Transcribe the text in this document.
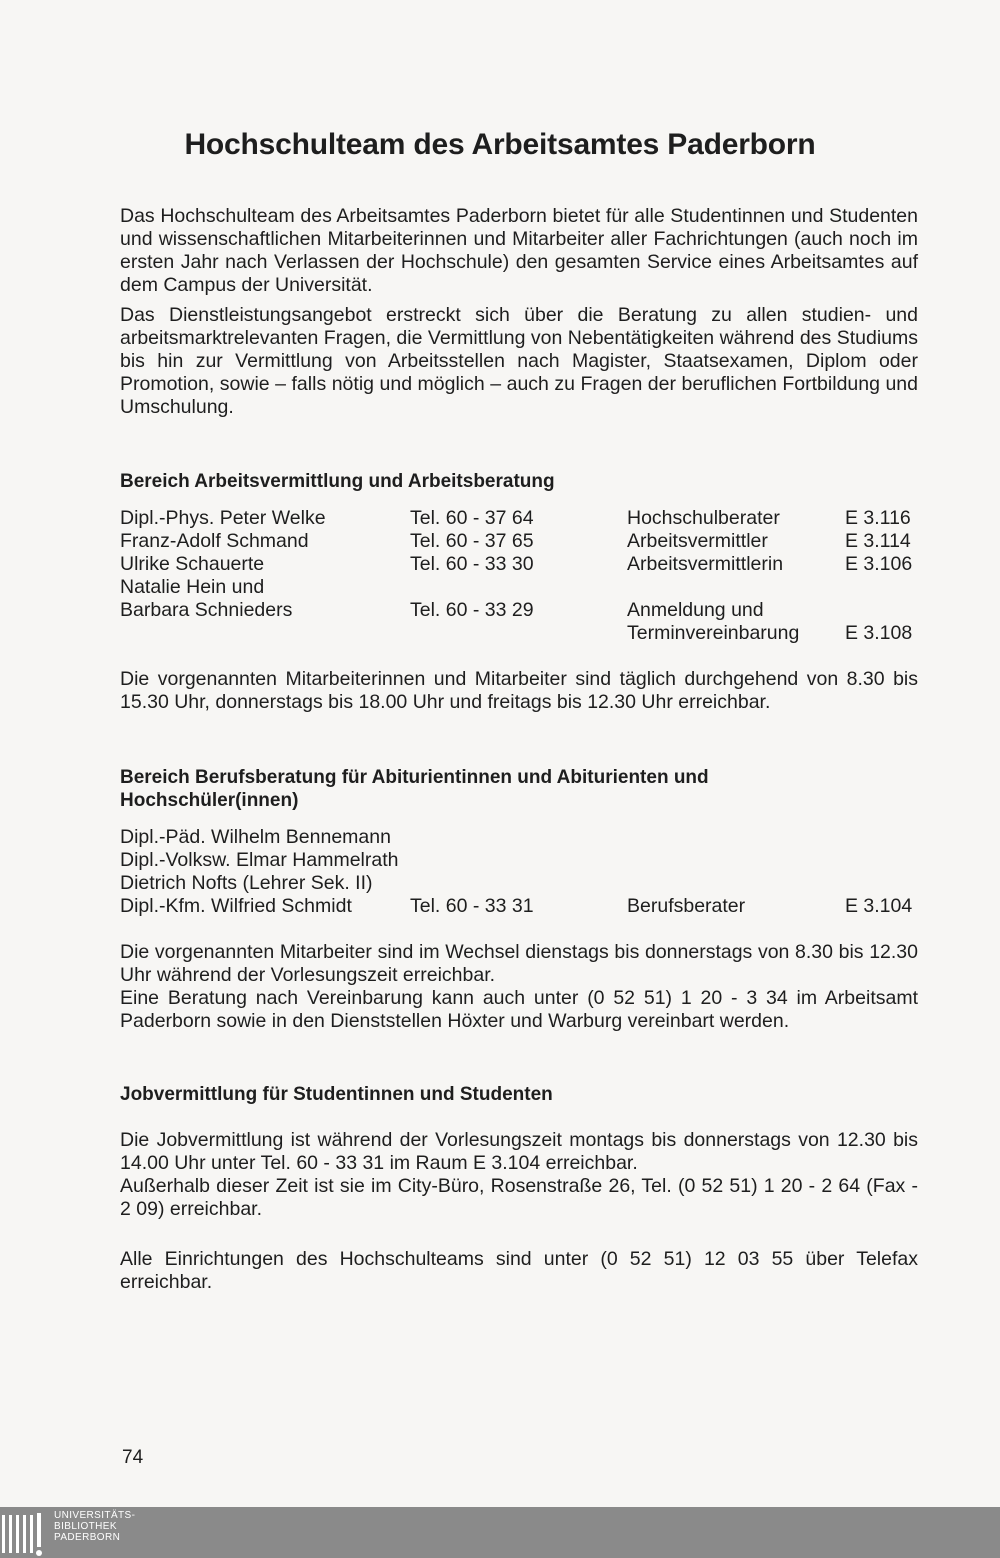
Hochschulteam des Arbeitsamtes Paderborn

Das Hochschulteam des Arbeitsamtes Paderborn bietet für alle Studentinnen und Studenten und wissenschaftlichen Mitarbeiterinnen und Mitarbeiter aller Fachrichtungen (auch noch im ersten Jahr nach Verlassen der Hochschule) den gesamten Service eines Arbeitsamtes auf dem Campus der Universität.

Das Dienstleistungsangebot erstreckt sich über die Beratung zu allen studien- und arbeitsmarktrelevanten Fragen, die Vermittlung von Nebentätigkeiten während des Studiums bis hin zur Vermittlung von Arbeitsstellen nach Magister, Staatsexamen, Diplom oder Promotion, sowie – falls nötig und möglich – auch zu Fragen der beruflichen Fortbildung und Umschulung.

Bereich Arbeitsvermittlung und Arbeitsberatung
Dipl.-Phys. Peter Welke	Tel. 60 - 37 64	Hochschulberater	E 3.116
Franz-Adolf Schmand	Tel. 60 - 37 65	Arbeitsvermittler	E 3.114
Ulrike Schauerte	Tel. 60 - 33 30	Arbeitsvermittlerin	E 3.106
Natalie Hein und
Barbara Schnieders	Tel. 60 - 33 29	Anmeldung und
Terminvereinbarung E 3.108

Die vorgenannten Mitarbeiterinnen und Mitarbeiter sind täglich durchgehend von 8.30 bis 15.30 Uhr, donnerstags bis 18.00 Uhr und freitags bis 12.30 Uhr erreichbar.

Bereich Berufsberatung für Abiturientinnen und Abiturienten und
Hochschüler(innen)
Dipl.-Päd. Wilhelm Bennemann
Dipl.-Volksw. Elmar Hammelrath
Dietrich Nofts (Lehrer Sek. II)
Dipl.-Kfm. Wilfried Schmidt	Tel. 60 - 33 31	Berufsberater	E 3.104

Die vorgenannten Mitarbeiter sind im Wechsel dienstags bis donnerstags von 8.30 bis 12.30 Uhr während der Vorlesungszeit erreichbar.

Eine Beratung nach Vereinbarung kann auch unter (0 52 51) 1 20 - 3 34 im Arbeitsamt Paderborn sowie in den Dienststellen Höxter und Warburg vereinbart werden.

Jobvermittlung für Studentinnen und Studenten

Die Jobvermittlung ist während der Vorlesungszeit montags bis donnerstags von 12.30 bis 14.00 Uhr unter Tel. 60 - 33 31 im Raum E 3.104 erreichbar.

Außerhalb dieser Zeit ist sie im City-Büro, Rosenstraße 26, Tel. (0 52 51) 1 20 - 2 64 (Fax - 2 09) erreichbar.

Alle Einrichtungen des Hochschulteams sind unter (0 52 51) 12 03 55 über Telefax erreichbar.

74
UNIVERSITÄTS-
BIBLIOTHEK
PADERBORN
